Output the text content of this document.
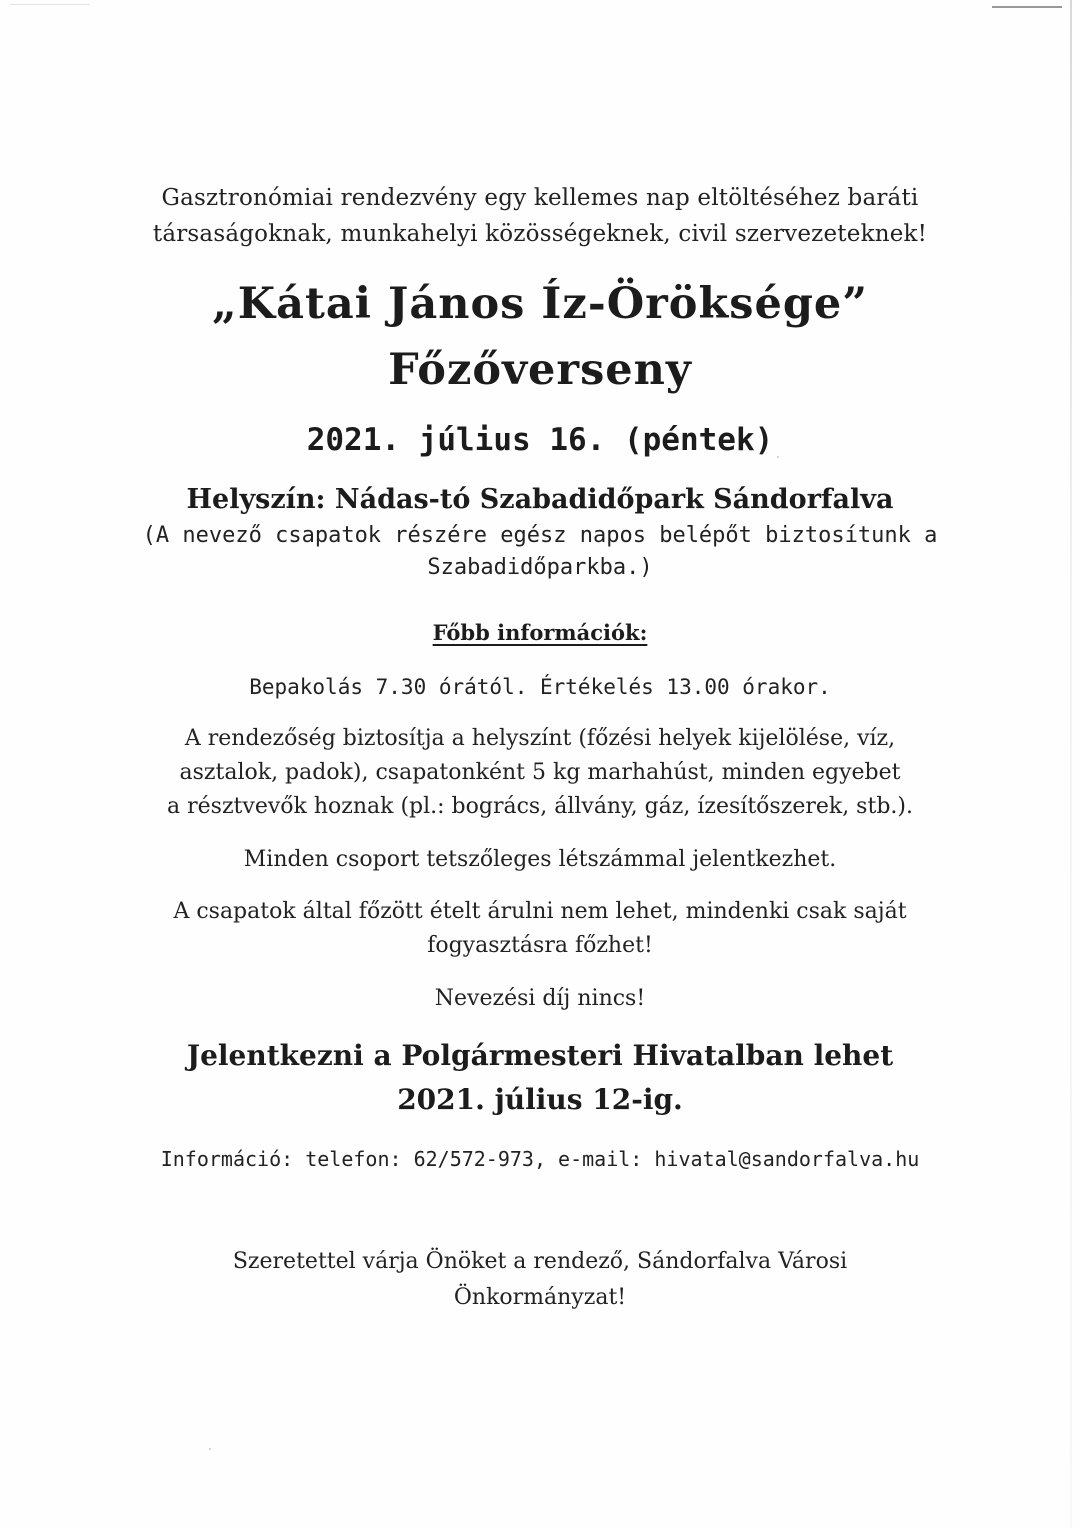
Gasztronómiai rendezvény egy kellemes nap eltöltéséhez baráti
társaságoknak, munkahelyi közösségeknek, civil szervezeteknek!
„Kátai János Íz-Öröksége”
Főzőverseny
2021. július 16. (péntek)
Helyszín: Nádas-tó Szabadidőpark Sándorfalva
(A nevező csapatok részére egész napos belépőt biztosítunk a
Szabadidőparkba.)
Főbb információk:
Bepakolás 7.30 órától. Értékelés 13.00 órakor.
A rendezőség biztosítja a helyszínt (főzési helyek kijelölése, víz,
asztalok, padok), csapatonként 5 kg marhahúst, minden egyebet
a résztvevők hoznak (pl.: bogrács, állvány, gáz, ízesítőszerek, stb.).
Minden csoport tetszőleges létszámmal jelentkezhet.
A csapatok által főzött ételt árulni nem lehet, mindenki csak saját
fogyasztásra főzhet!
Nevezési díj nincs!
Jelentkezni a Polgármesteri Hivatalban lehet
2021. július 12-ig.
Információ: telefon: 62/572-973, e-mail: hivatal@sandorfalva.hu
Szeretettel várja Önöket a rendező, Sándorfalva Városi
Önkormányzat!
